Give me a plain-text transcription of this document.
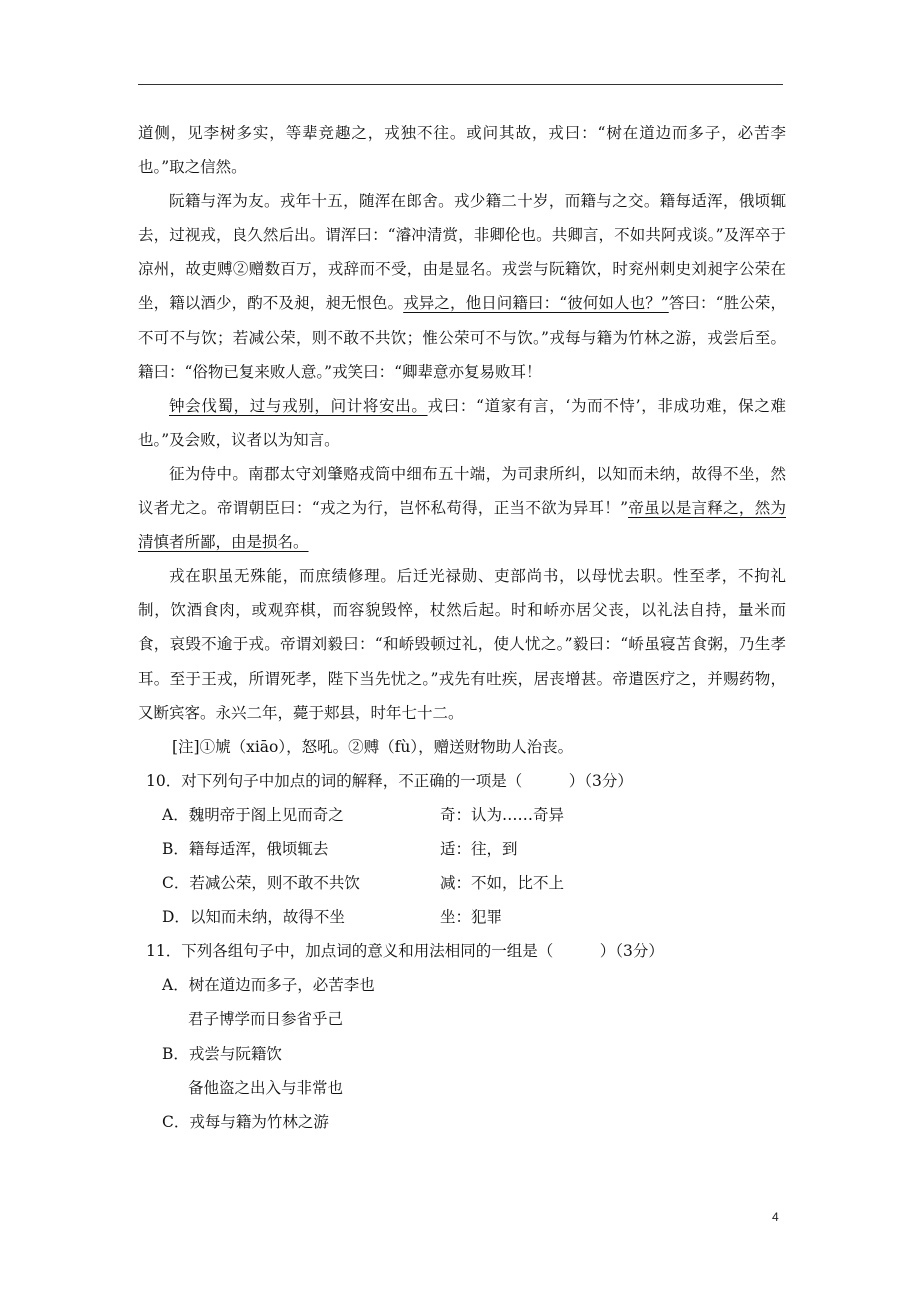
道侧，见李树多实，等辈竞趣之，戎独不往。或问其故，戎曰：“树在道边而多子，必苦李也。”取之信然。

阮籍与浑为友。戎年十五，随浑在郎舍。戎少籍二十岁，而籍与之交。籍每适浑，俄顷辄去，过视戎，良久然后出。谓浑曰：“濬冲清赏，非卿伦也。共卿言，不如共阿戎谈。”及浑卒于凉州，故吏赙②赠数百万，戎辞而不受，由是显名。戎尝与阮籍饮，时兖州刺史刘昶字公荣在坐，籍以酒少，酌不及昶，昶无恨色。戎异之，他日问籍曰：“彼何如人也？”答曰：“胜公荣，不可不与饮；若减公荣，则不敢不共饮；惟公荣可不与饮。”戎每与籍为竹林之游，戎尝后至。籍曰：“俗物已复来败人意。”戎笑曰：“卿辈意亦复易败耳！

钟会伐蜀，过与戎别，问计将安出。戎曰：“道家有言，‘为而不恃’，非成功难，保之难也。”及会败，议者以为知言。

征为侍中。南郡太守刘肇赂戎筒中细布五十端，为司隶所纠，以知而未纳，故得不坐，然议者尤之。帝谓朝臣曰：“戎之为行，岂怀私苟得，正当不欲为异耳！”帝虽以是言释之，然为清慎者所鄙，由是损名。

戎在职虽无殊能，而庶绩修理。后迁光禄勋、吏部尚书，以母忧去职。性至孝，不拘礼制，饮酒食肉，或观弈棋，而容貌毁悴，杖然后起。时和峤亦居父丧，以礼法自持，量米而食，哀毁不逾于戎。帝谓刘毅曰：“和峤毁顿过礼，使人忧之。”毅曰：“峤虽寝苫食粥，乃生孝耳。至于王戎，所谓死孝，陛下当先忧之。”戎先有吐疾，居丧增甚。帝遣医疗之，并赐药物，又断宾客。永兴二年，薨于郏县，时年七十二。

[注]①虓（xiāo），怒吼。②赙（fù），赠送财物助人治丧。

10．对下列句子中加点的词的解释，不正确的一项是（　　　）（3分）

A．魏明帝于阁上见而奇之	奇：认为……奇异
B．籍每适浑，俄顷辄去	适：往，到
C．若减公荣，则不敢不共饮	减：不如，比不上
D．以知而未纳，故得不坐	坐：犯罪

11．下列各组句子中，加点词的意义和用法相同的一组是（　　　）（3分）

A．树在道边而多子，必苦李也

君子博学而日参省乎己

B．戎尝与阮籍饮

备他盗之出入与非常也

C．戎每与籍为竹林之游

4
